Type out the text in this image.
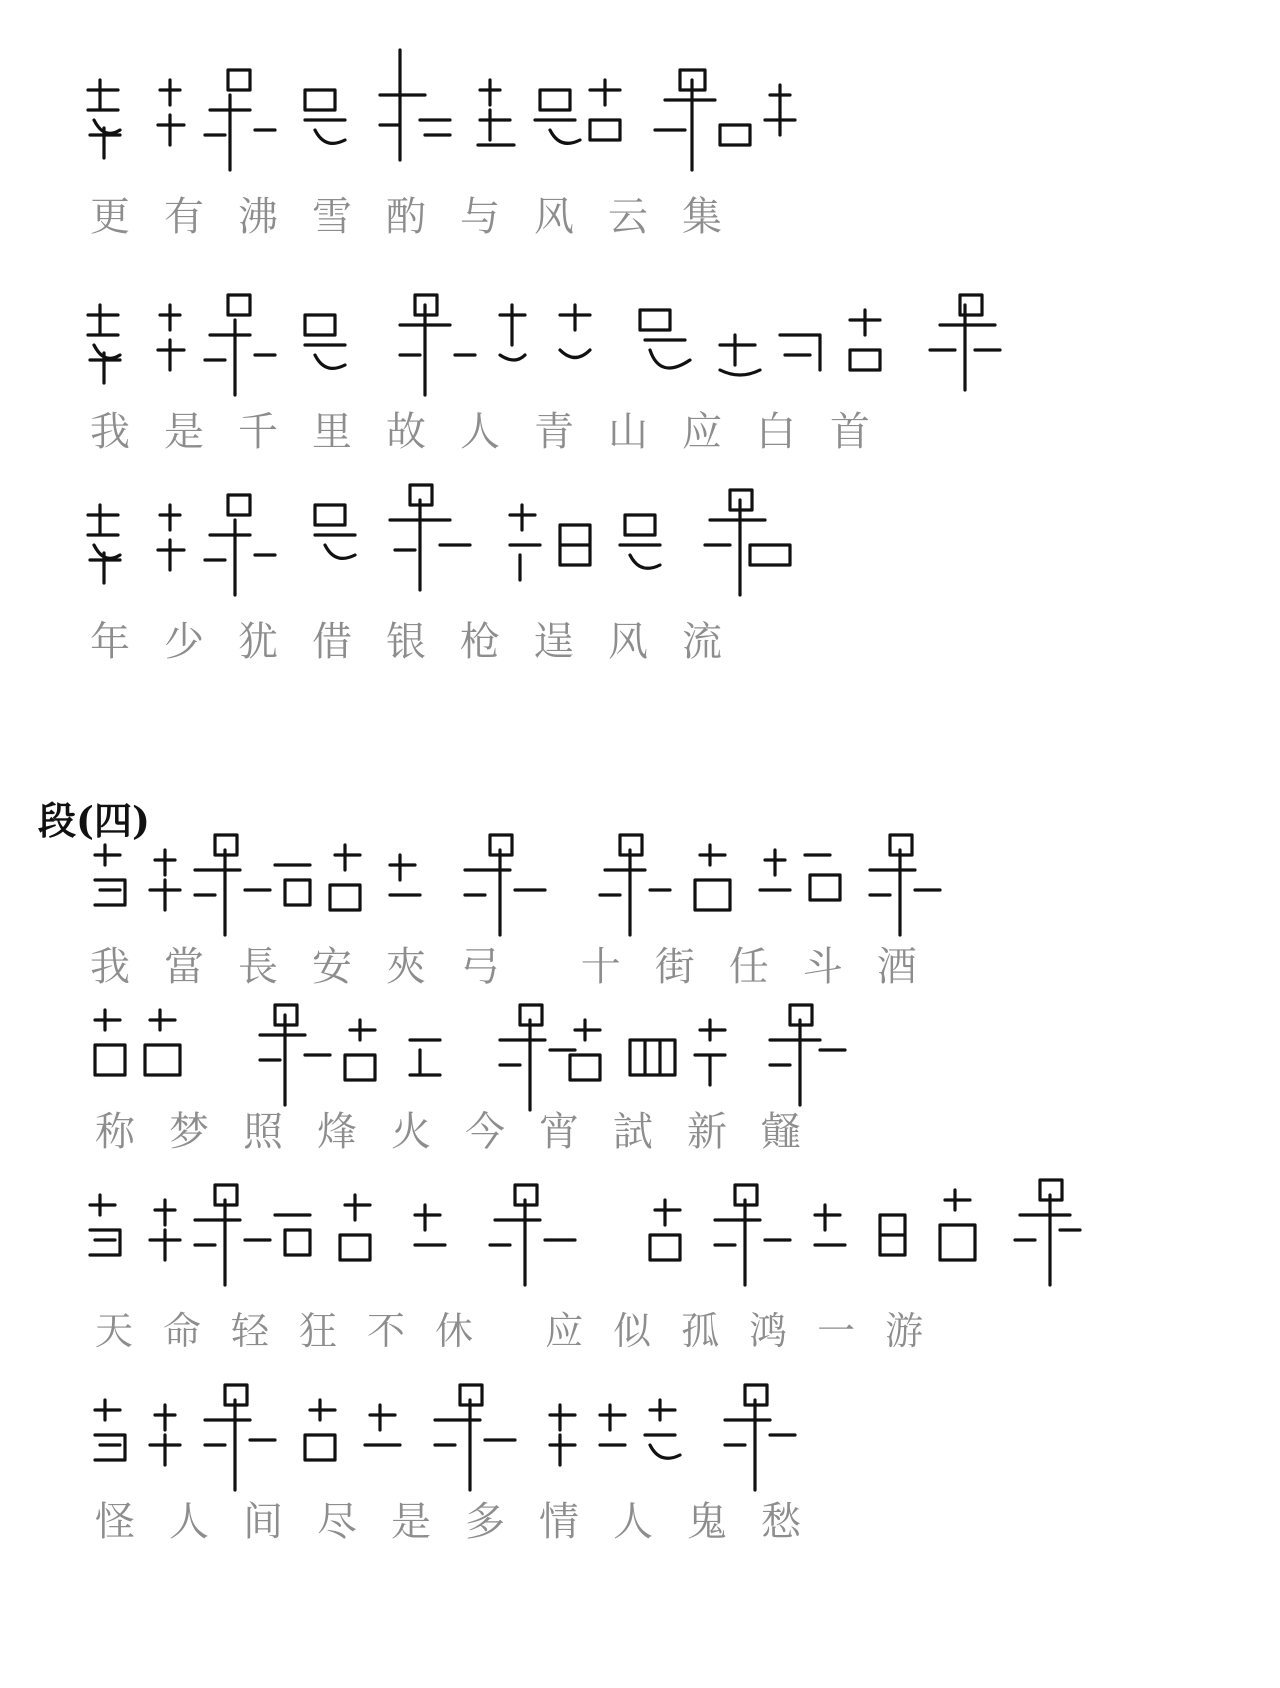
更有沸雪酌与风云集
我是千里故人青山应白首
年少犹借银枪逞风流
段(四)
我當長安夾弓 十街任斗酒
称梦照烽火今宵試新䪥
天命轻狂不休 应似孤鸿一游
怪人间尽是多情人鬼愁
